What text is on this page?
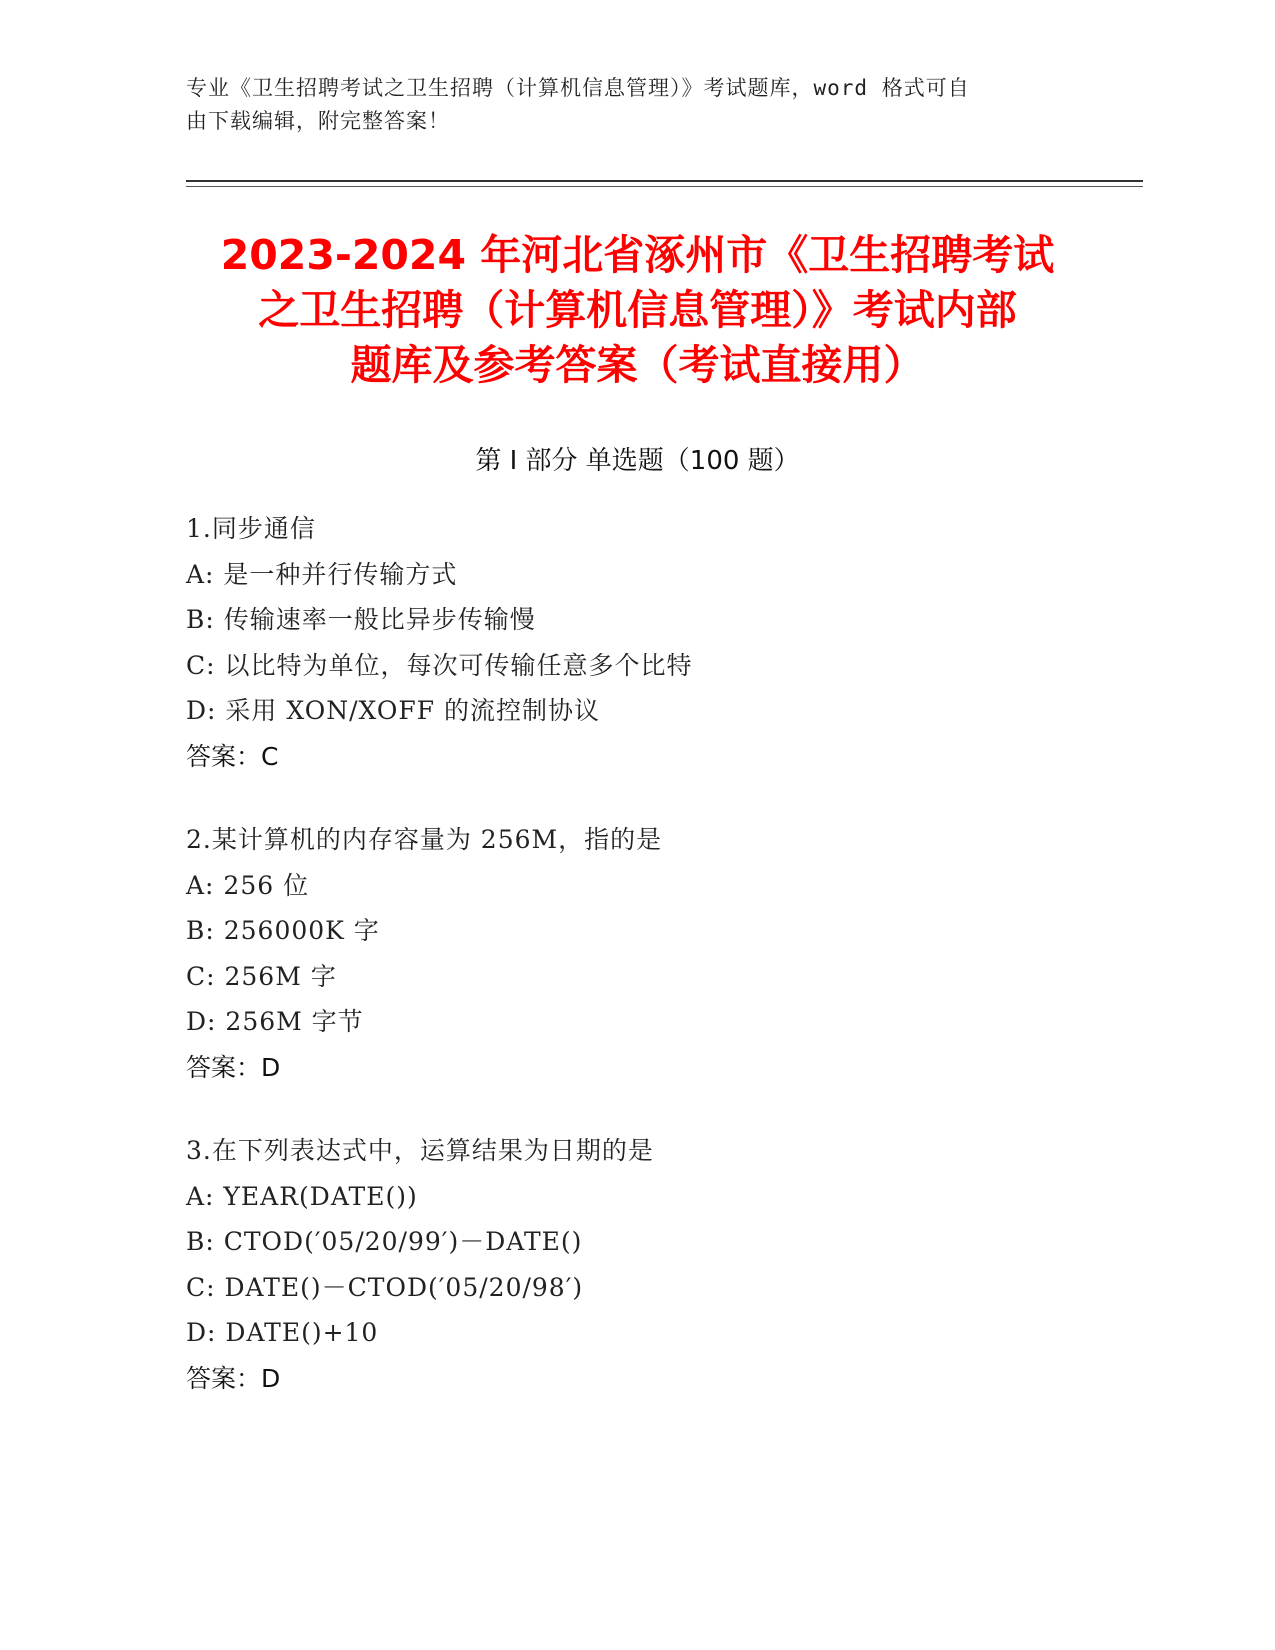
专业《卫生招聘考试之卫生招聘（计算机信息管理）》考试题库，word 格式可自
由下载编辑，附完整答案！
2023-2024 年河北省涿州市《卫生招聘考试
之卫生招聘（计算机信息管理）》考试内部
题库及参考答案（考试直接用）
第 I 部分 单选题（100 题）
1.同步通信
A: 是一种并行传输方式
B: 传输速率一般比异步传输慢
C: 以比特为单位，每次可传输任意多个比特
D: 采用 XON/XOFF 的流控制协议
答案：C
2.某计算机的内存容量为 256M，指的是
A: 256 位
B: 256000K 字
C: 256M 字
D: 256M 字节
答案：D
3.在下列表达式中，运算结果为日期的是
A: YEAR(DATE())
B: CTOD(′05/20/99′)－DATE()
C: DATE()－CTOD(′05/20/98′)
D: DATE()+10
答案：D
